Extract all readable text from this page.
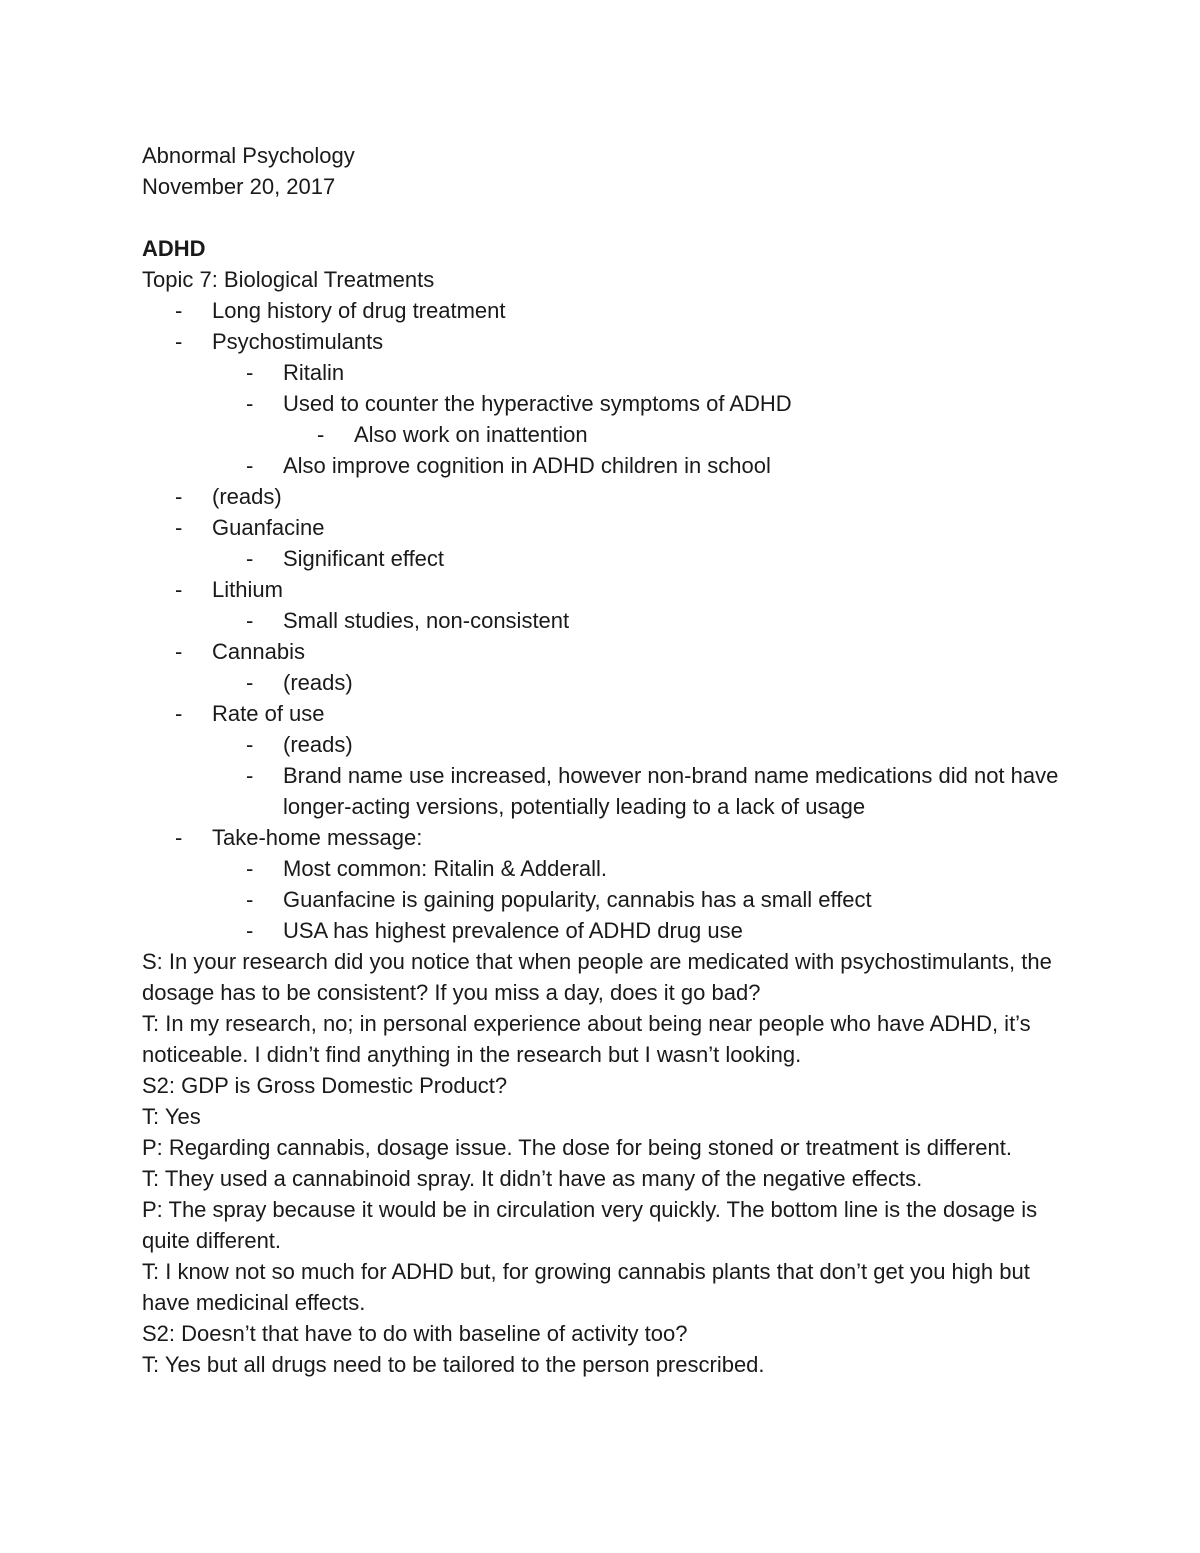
Abnormal Psychology

November 20, 2017

ADHD

Topic 7: Biological Treatments

- Long history of drug treatment

- Psychostimulants

- Ritalin

- Used to counter the hyperactive symptoms of ADHD

- Also work on inattention

- Also improve cognition in ADHD children in school

- (reads)

- Guanfacine

- Significant effect

- Lithium

- Small studies, non-consistent

- Cannabis

- (reads)

- Rate of use

- (reads)

- Brand name use increased, however non-brand name medications did not have longer-acting versions, potentially leading to a lack of usage

- Take-home message:

- Most common: Ritalin & Adderall.

- Guanfacine is gaining popularity, cannabis has a small effect

- USA has highest prevalence of ADHD drug use

S: In your research did you notice that when people are medicated with psychostimulants, the dosage has to be consistent? If you miss a day, does it go bad?

T: In my research, no; in personal experience about being near people who have ADHD, it’s noticeable. I didn’t find anything in the research but I wasn’t looking.

S2: GDP is Gross Domestic Product?

T: Yes

P: Regarding cannabis, dosage issue. The dose for being stoned or treatment is different.

T: They used a cannabinoid spray. It didn’t have as many of the negative effects.

P: The spray because it would be in circulation very quickly. The bottom line is the dosage is quite different.

T: I know not so much for ADHD but, for growing cannabis plants that don’t get you high but have medicinal effects.

S2: Doesn’t that have to do with baseline of activity too?

T: Yes but all drugs need to be tailored to the person prescribed.
